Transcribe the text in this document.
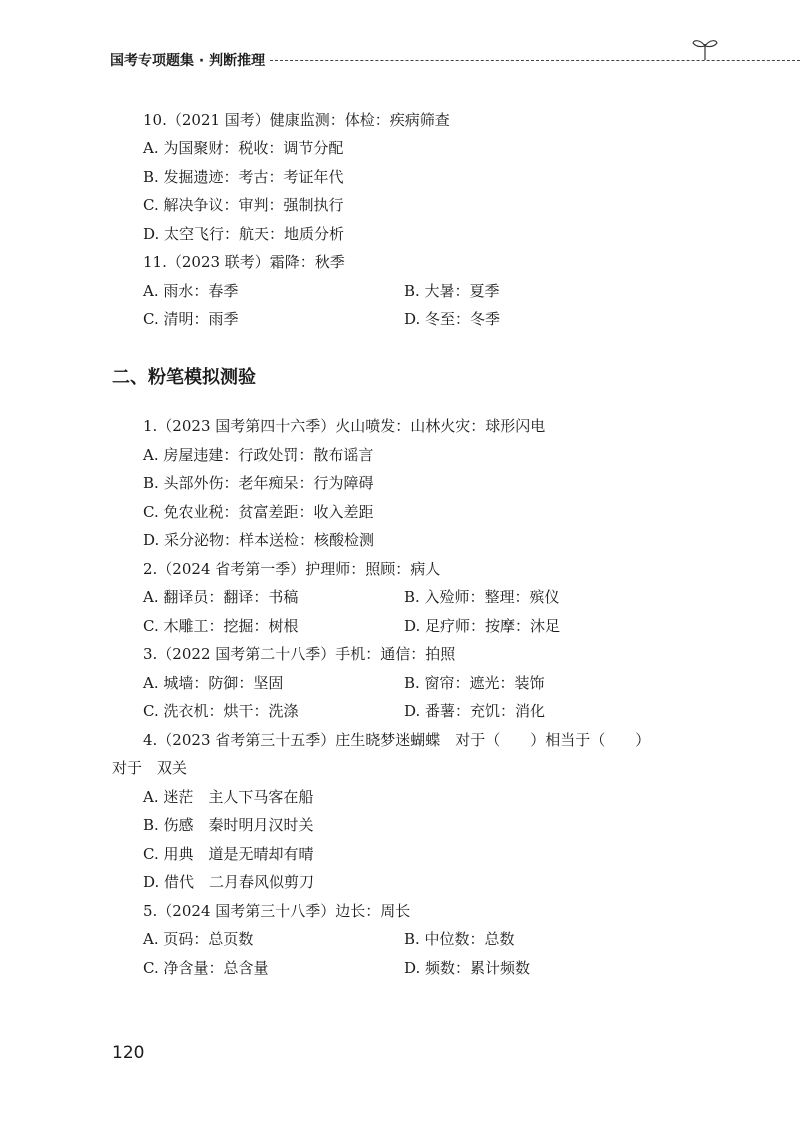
国考专项题集 · 判断推理
10.（2021 国考）健康监测：体检：疾病筛查
A. 为国聚财：税收：调节分配
B. 发掘遗迹：考古：考证年代
C. 解决争议：审判：强制执行
D. 太空飞行：航天：地质分析
11.（2023 联考）霜降：秋季
A. 雨水：春季	B. 大暑：夏季
C. 清明：雨季	D. 冬至：冬季
二、粉笔模拟测验
1.（2023 国考第四十六季）火山喷发：山林火灾：球形闪电
A. 房屋违建：行政处罚：散布谣言
B. 头部外伤：老年痴呆：行为障碍
C. 免农业税：贫富差距：收入差距
D. 采分泌物：样本送检：核酸检测
2.（2024 省考第一季）护理师：照顾：病人
A. 翻译员：翻译：书稿	B. 入殓师：整理：殡仪
C. 木雕工：挖掘：树根	D. 足疗师：按摩：沐足
3.（2022 国考第二十八季）手机：通信：拍照
A. 城墙：防御：坚固	B. 窗帘：遮光：装饰
C. 洗衣机：烘干：洗涤	D. 番薯：充饥：消化
4.（2023 省考第三十五季）庄生晓梦迷蝴蝶　对于（　　）相当于（　　）
对于　双关
A. 迷茫　主人下马客在船
B. 伤感　秦时明月汉时关
C. 用典　道是无晴却有晴
D. 借代　二月春风似剪刀
5.（2024 国考第三十八季）边长：周长
A. 页码：总页数	B. 中位数：总数
C. 净含量：总含量	D. 频数：累计频数
120
